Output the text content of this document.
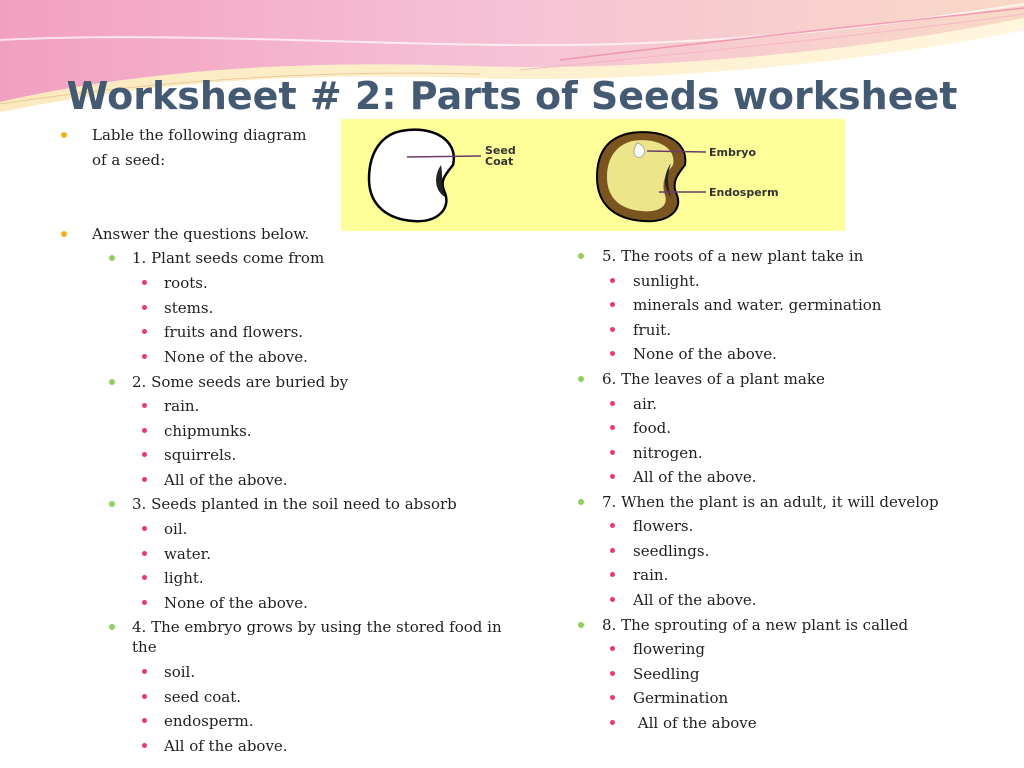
Worksheet # 2: Parts of Seeds worksheet
Lable the following diagram
of a seed:
Seed
Coat
Embryo
Endosperm
Answer the questions below.
1. Plant seeds come from
roots.
stems.
fruits and flowers.
None of the above.
2. Some seeds are buried by
rain.
chipmunks.
squirrels.
All of the above.
3. Seeds planted in the soil need to absorb
oil.
water.
light.
None of the above.
4. The embryo grows by using the stored food in
the
soil.
seed coat.
endosperm.
All of the above.
5. The roots of a new plant take in
sunlight.
minerals and water. germination
fruit.
None of the above.
6. The leaves of a plant make
air.
food.
nitrogen.
All of the above.
7. When the plant is an adult, it will develop
flowers.
seedlings.
rain.
All of the above.
8. The sprouting of a new plant is called
flowering
Seedling
Germination
All of the above
